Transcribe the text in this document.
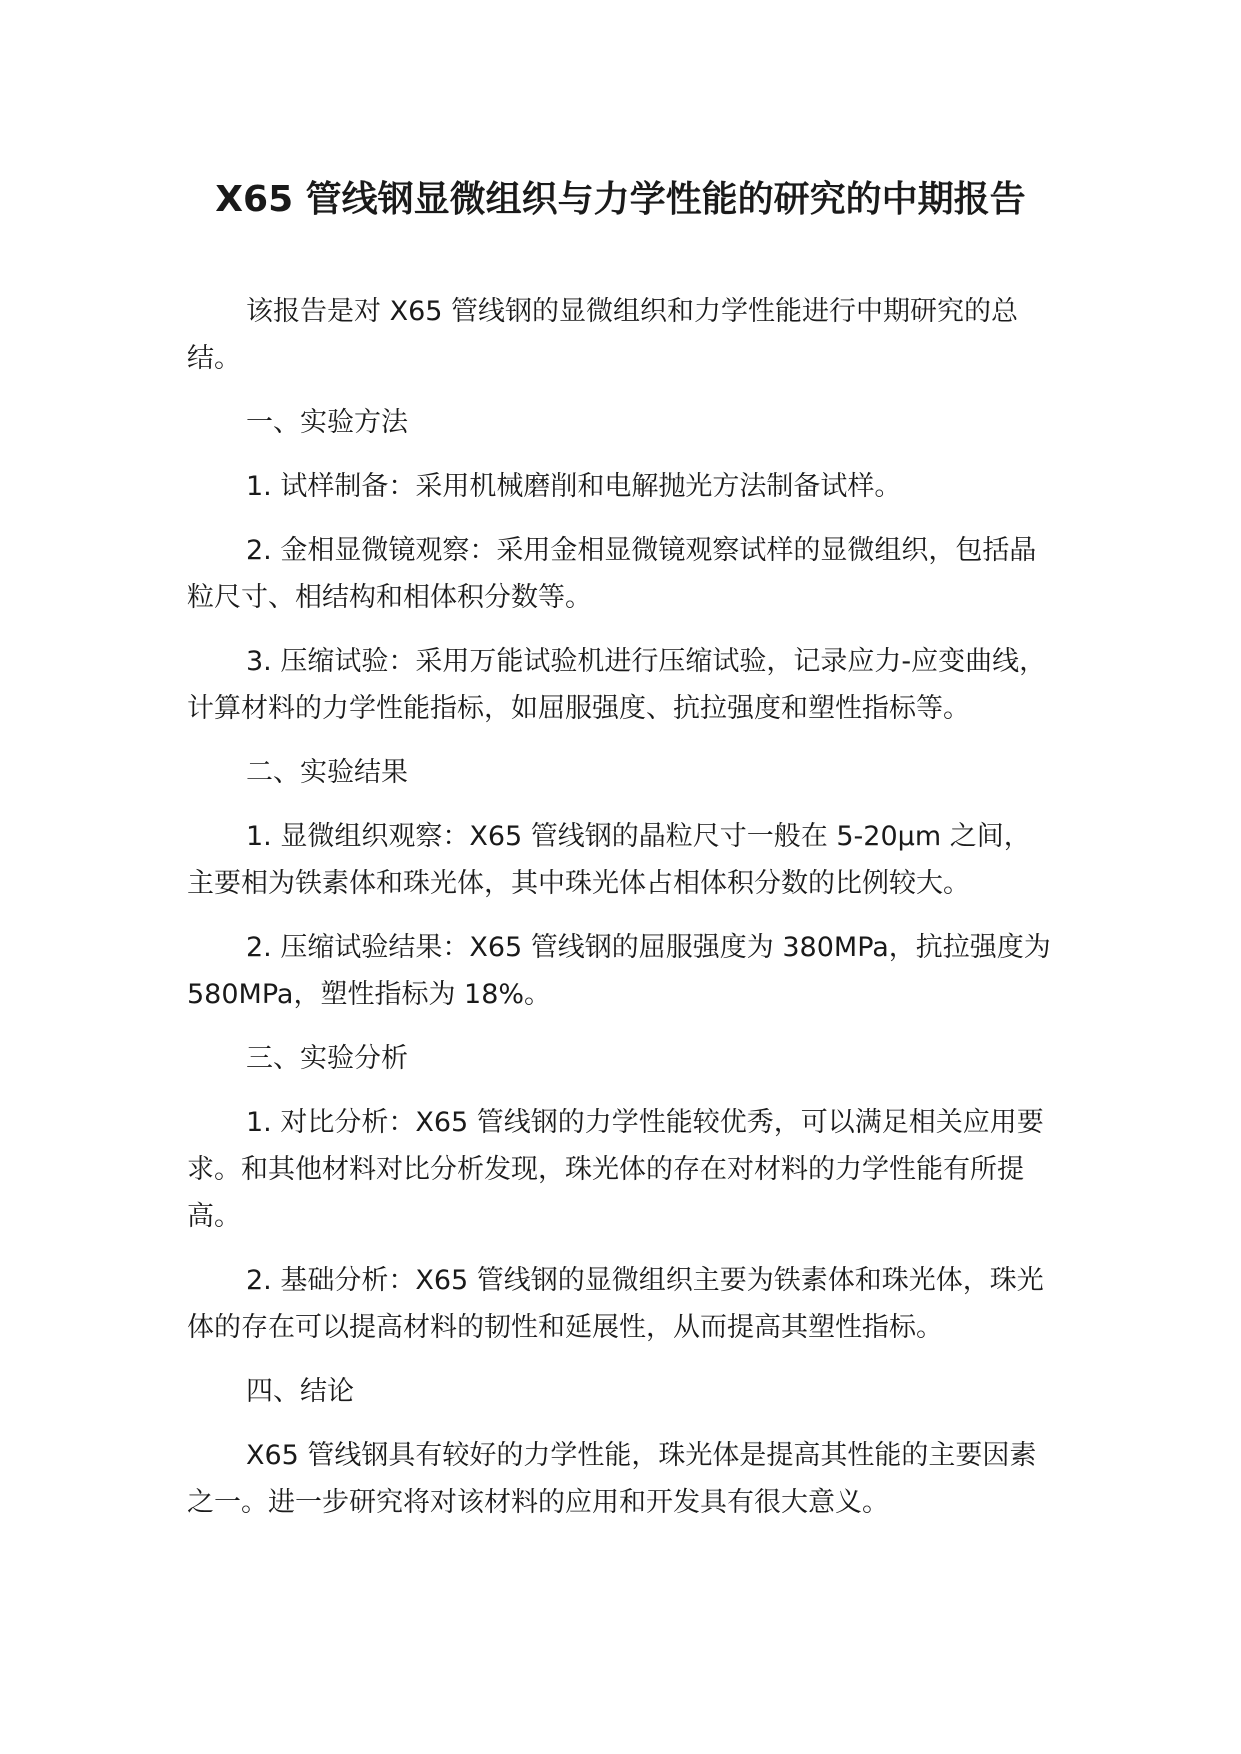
X65 管线钢显微组织与力学性能的研究的中期报告

该报告是对 X65 管线钢的显微组织和力学性能进行中期研究的总结。

一、实验方法

1. 试样制备：采用机械磨削和电解抛光方法制备试样。

2. 金相显微镜观察：采用金相显微镜观察试样的显微组织，包括晶粒尺寸、相结构和相体积分数等。

3. 压缩试验：采用万能试验机进行压缩试验，记录应力-应变曲线，计算材料的力学性能指标，如屈服强度、抗拉强度和塑性指标等。

二、实验结果

1. 显微组织观察：X65 管线钢的晶粒尺寸一般在 5-20μm 之间，主要相为铁素体和珠光体，其中珠光体占相体积分数的比例较大。

2. 压缩试验结果：X65 管线钢的屈服强度为 380MPa，抗拉强度为 580MPa，塑性指标为 18%。

三、实验分析

1. 对比分析：X65 管线钢的力学性能较优秀，可以满足相关应用要求。和其他材料对比分析发现，珠光体的存在对材料的力学性能有所提高。

2. 基础分析：X65 管线钢的显微组织主要为铁素体和珠光体，珠光体的存在可以提高材料的韧性和延展性，从而提高其塑性指标。

四、结论

X65 管线钢具有较好的力学性能，珠光体是提高其性能的主要因素之一。进一步研究将对该材料的应用和开发具有很大意义。
